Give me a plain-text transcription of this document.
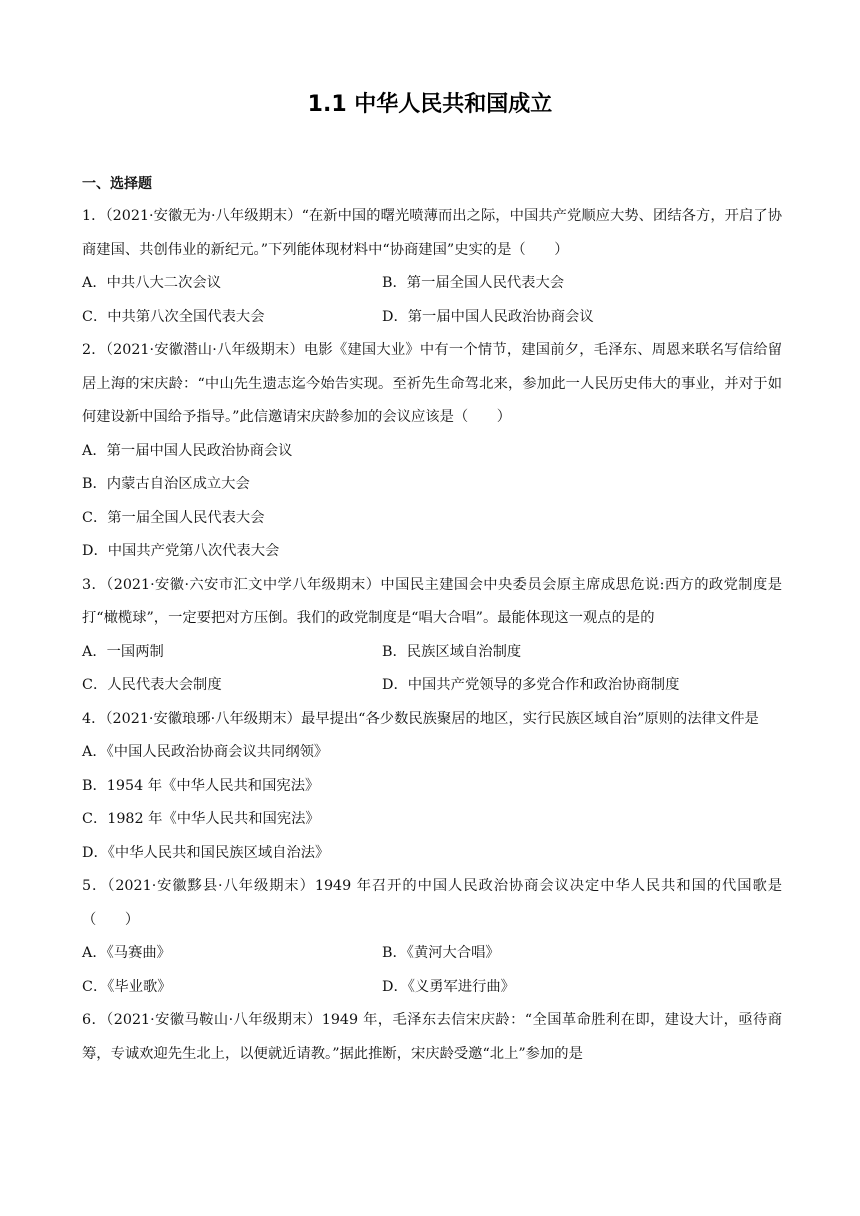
1.1 中华人民共和国成立
一、选择题

1．（2021·安徽无为·八年级期末）“在新中国的曙光喷薄而出之际，中国共产党顺应大势、团结各方，开启了协商建国、共创伟业的新纪元。”下列能体现材料中“协商建国”史实的是（　　）

A．中共八大二次会议	B．第一届全国人民代表大会
C．中共第八次全国代表大会	D．第一届中国人民政治协商会议

2．（2021·安徽潜山·八年级期末）电影《建国大业》中有一个情节，建国前夕，毛泽东、周恩来联名写信给留居上海的宋庆龄：“中山先生遗志迄今始告实现。至祈先生命驾北来，参加此一人民历史伟大的事业，并对于如何建设新中国给予指导。”此信邀请宋庆龄参加的会议应该是（　　）

A．第一届中国人民政治协商会议
B．内蒙古自治区成立大会
C．第一届全国人民代表大会
D．中国共产党第八次代表大会

3．（2021·安徽·六安市汇文中学八年级期末）中国民主建国会中央委员会原主席成思危说:西方的政党制度是打“橄榄球”，一定要把对方压倒。我们的政党制度是“唱大合唱”。最能体现这一观点的是的

A．一国两制	B．民族区域自治制度
C．人民代表大会制度	D．中国共产党领导的多党合作和政治协商制度

4．（2021·安徽琅琊·八年级期末）最早提出“各少数民族聚居的地区，实行民族区域自治”原则的法律文件是

A．《中国人民政治协商会议共同纲领》
B．1954 年《中华人民共和国宪法》
C．1982 年《中华人民共和国宪法》
D．《中华人民共和国民族区域自治法》

5．（2021·安徽黟县·八年级期末）1949 年召开的中国人民政治协商会议决定中华人民共和国的代国歌是（　　）

A．《马赛曲》	B．《黄河大合唱》
C．《毕业歌》	D．《义勇军进行曲》

6．（2021·安徽马鞍山·八年级期末）1949 年，毛泽东去信宋庆龄：“全国革命胜利在即，建设大计，亟待商筹，专诚欢迎先生北上，以便就近请教。”据此推断，宋庆龄受邀“北上”参加的是
